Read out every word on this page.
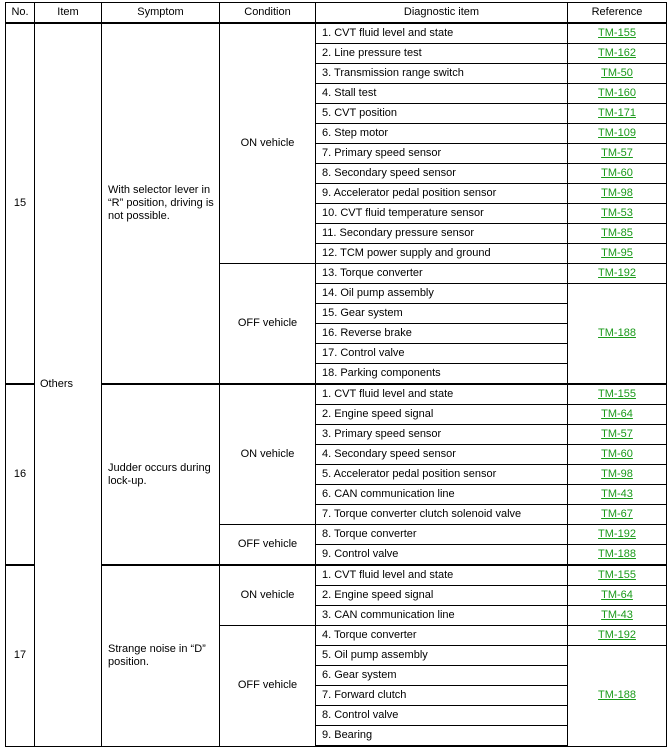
No.	Item	Symptom	Condition	Diagnostic item	Reference
15	Others	With selector lever in “R” position, driving is not possible.	ON vehicle	1. CVT fluid level and state	TM-155
				2. Line pressure test	TM-162
				3. Transmission range switch	TM-50
				4. Stall test	TM-160
				5. CVT position	TM-171
				6. Step motor	TM-109
				7. Primary speed sensor	TM-57
				8. Secondary speed sensor	TM-60
				9. Accelerator pedal position sensor	TM-98
				10. CVT fluid temperature sensor	TM-53
				11. Secondary pressure sensor	TM-85
				12. TCM power supply and ground	TM-95
			OFF vehicle	13. Torque converter	TM-192
				14. Oil pump assembly	TM-188
				15. Gear system	
				16. Reverse brake	
				17. Control valve	
				18. Parking components	
16		Judder occurs during lock-up.	ON vehicle	1. CVT fluid level and state	TM-155
				2. Engine speed signal	TM-64
				3. Primary speed sensor	TM-57
				4. Secondary speed sensor	TM-60
				5. Accelerator pedal position sensor	TM-98
				6. CAN communication line	TM-43
				7. Torque converter clutch solenoid valve	TM-67
			OFF vehicle	8. Torque converter	TM-192
				9. Control valve	TM-188
17		Strange noise in “D” position.	ON vehicle	1. CVT fluid level and state	TM-155
				2. Engine speed signal	TM-64
				3. CAN communication line	TM-43
			OFF vehicle	4. Torque converter	TM-192
				5. Oil pump assembly	TM-188
				6. Gear system	
				7. Forward clutch	
				8. Control valve	
				9. Bearing	
